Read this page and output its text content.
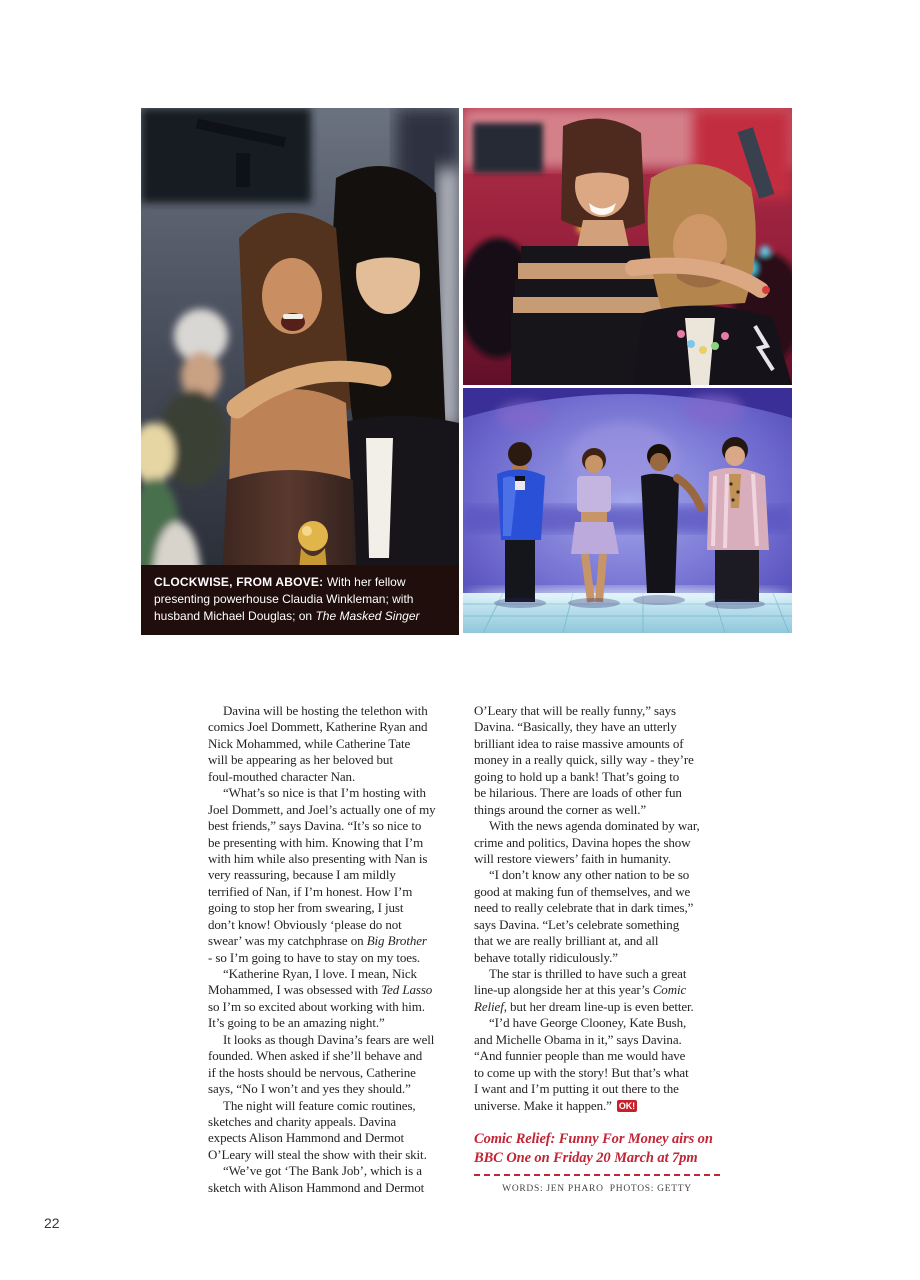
CLOCKWISE, FROM ABOVE: With her fellow presenting powerhouse Claudia Winkleman; with husband Michael Douglas; on The Masked Singer
Davina will be hosting the telethon with
comics Joel Dommett, Katherine Ryan and
Nick Mohammed, while Catherine Tate
will be appearing as her beloved but
foul-mouthed character Nan.
“What’s so nice is that I’m hosting with
Joel Dommett, and Joel’s actually one of my
best friends,” says Davina. “It’s so nice to
be presenting with him. Knowing that I’m
with him while also presenting with Nan is
very reassuring, because I am mildly
terrified of Nan, if I’m honest. How I’m
going to stop her from swearing, I just
don’t know! Obviously ‘please do not
swear’ was my catchphrase on Big Brother
- so I’m going to have to stay on my toes.
“Katherine Ryan, I love. I mean, Nick
Mohammed, I was obsessed with Ted Lasso
so I’m so excited about working with him.
It’s going to be an amazing night.”
It looks as though Davina’s fears are well
founded. When asked if she’ll behave and
if the hosts should be nervous, Catherine
says, “No I won’t and yes they should.”
The night will feature comic routines,
sketches and charity appeals. Davina
expects Alison Hammond and Dermot
O’Leary will steal the show with their skit.
“We’ve got ‘The Bank Job’, which is a
sketch with Alison Hammond and Dermot
O’Leary that will be really funny,” says
Davina. “Basically, they have an utterly
brilliant idea to raise massive amounts of
money in a really quick, silly way - they’re
going to hold up a bank! That’s going to
be hilarious. There are loads of other fun
things around the corner as well.”
With the news agenda dominated by war,
crime and politics, Davina hopes the show
will restore viewers’ faith in humanity.
“I don’t know any other nation to be so
good at making fun of themselves, and we
need to really celebrate that in dark times,”
says Davina. “Let’s celebrate something
that we are really brilliant at, and all
behave totally ridiculously.”
The star is thrilled to have such a great
line-up alongside her at this year’s Comic
Relief, but her dream line-up is even better.
“I’d have George Clooney, Kate Bush,
and Michelle Obama in it,” says Davina.
“And funnier people than me would have
to come up with the story! But that’s what
I want and I’m putting it out there to the
universe. Make it happen.” OK!
Comic Relief: Funny For Money airs on
BBC One on Friday 20 March at 7pm
WORDS: JEN PHARO  PHOTOS: GETTY
22
